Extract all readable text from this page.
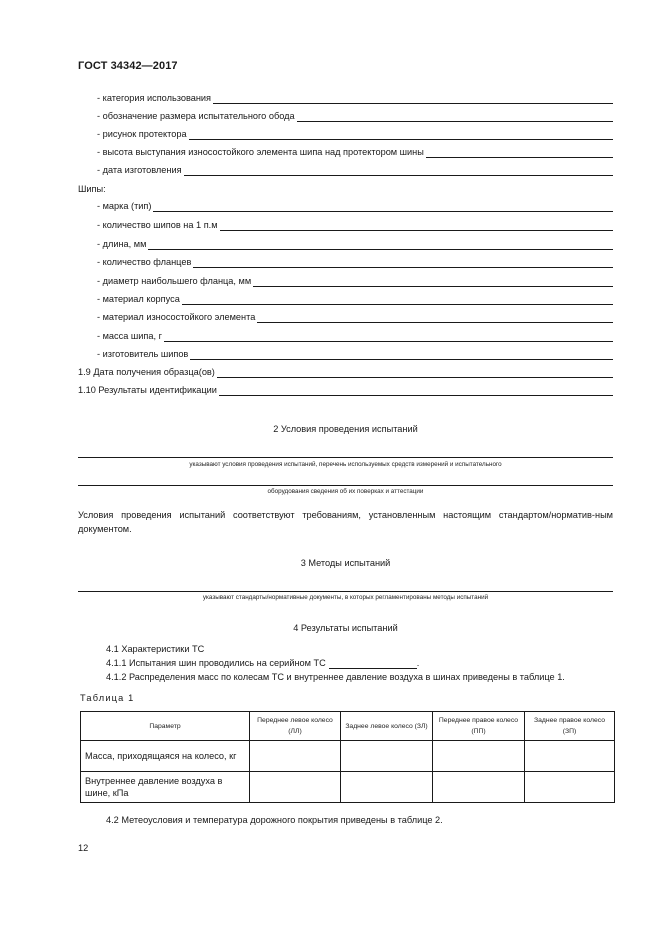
ГОСТ 34342—2017
- категория использования
- обозначение размера испытательного обода
- рисунок протектора
- высота выступания износостойкого элемента шипа над протектором шины
- дата изготовления
Шипы:
- марка (тип)
- количество шипов на 1 п.м
- длина, мм
- количество фланцев
- диаметр наибольшего фланца, мм
- материал корпуса
- материал износостойкого элемента
- масса шипа, г
- изготовитель шипов
1.9 Дата получения образца(ов)
1.10 Результаты идентификации
2 Условия проведения испытаний
указывают условия проведения испытаний, перечень используемых средств измерений и испытательного
оборудования сведения об их поверках и аттестации
Условия проведения испытаний соответствуют требованиям, установленным настоящим стандартом/норматив-ным документом.
3 Методы испытаний
указывают стандарты/нормативные документы, в которых регламентированы методы испытаний
4 Результаты испытаний
4.1 Характеристики ТС
4.1.1 Испытания шин проводились на серийном ТС	.
4.1.2 Распределения масс по колесам ТС и внутреннее давление воздуха в шинах приведены в таблице 1.
Таблица 1
Параметр	Переднее левое колесо (ЛЛ)	Заднее левое колесо (ЗЛ)	Переднее правое колесо (ПП)	Заднее правое колесо (ЗП)
Масса, приходящаяся на колесо, кг				
Внутреннее давление воздуха в шине, кПа				
4.2 Метеоусловия и температура дорожного покрытия приведены в таблице 2.
12
